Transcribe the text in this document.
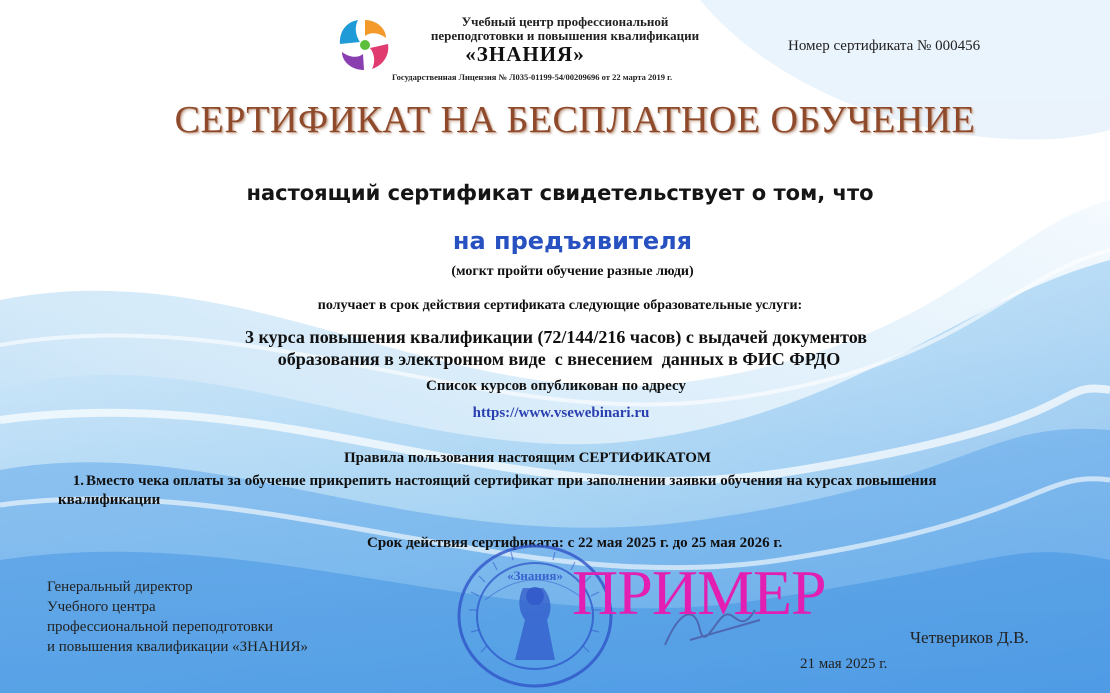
Учебный центр профессиональной
переподготовки и повышения квалификации
«ЗНАНИЯ»
Государственная Лицензия № Л035-01199-54/00209696 от 22 марта 2019 г.
Номер сертификата № 000456
СЕРТИФИКАТ НА БЕСПЛАТНОЕ ОБУЧЕНИЕ
настоящий сертификат свидетельствует о том, что
на предъявителя
(могкт пройти обучение разные люди)
получает в срок действия сертификата следующие образовательные услуги:
3 курса повышения квалификации (72/144/216 часов) с выдачей документов
образования в электронном виде  с внесением  данных в ФИС ФРДО
Список курсов опубликован по адресу
https://www.vsewebinari.ru
Правила пользования настоящим СЕРТИФИКАТОМ
1. Вместо чека оплаты за обучение прикрепить настоящий сертификат при заполнении заявки обучения на курсах повышения квалификации
Срок действия сертификата: с 22 мая 2025 г. до 25 мая 2026 г.
Генеральный директор
Учебного центра
профессиональной переподготовки
и повышения квалификации «ЗНАНИЯ»
«Знания» ПРИМЕР
Четвериков Д.В.
21 мая 2025 г.
